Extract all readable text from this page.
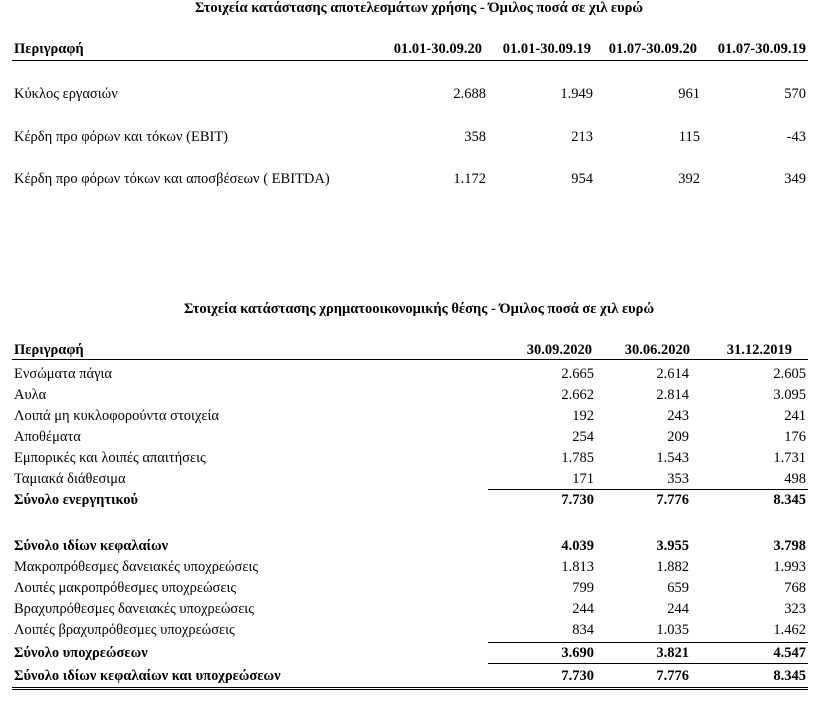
Στοιχεία κατάστασης αποτελεσμάτων χρήσης - Όμιλος ποσά σε χιλ ευρώ
Περιγραφή	01.01-30.09.20	01.01-30.09.19	01.07-30.09.20	01.07-30.09.19
Κύκλος εργασιών	2.688	1.949	961	570
Κέρδη προ φόρων και τόκων (EBIT)	358	213	115	-43
Κέρδη προ φόρων τόκων και αποσβέσεων ( EBITDA)	1.172	954	392	349
Στοιχεία κατάστασης χρηματοοικονομικής θέσης - Όμιλος ποσά σε χιλ ευρώ
Περιγραφή	30.09.2020	30.06.2020	31.12.2019
Ενσώματα πάγια	2.665	2.614	2.605
Αυλα	2.662	2.814	3.095
Λοιπά μη κυκλοφορούντα στοιχεία	192	243	241
Αποθέματα	254	209	176
Εμπορικές και λοιπές απαιτήσεις	1.785	1.543	1.731
Ταμιακά διάθεσιμα	171	353	498
Σύνολο ενεργητικού	7.730	7.776	8.345
Σύνολο ιδίων κεφαλαίων	4.039	3.955	3.798
Μακροπρόθεσμες δανειακές υποχρεώσεις	1.813	1.882	1.993
Λοιπές μακροπρόθεσμες υποχρεώσεις	799	659	768
Βραχυπρόθεσμες δανειακές υποχρεώσεις	244	244	323
Λοιπές βραχυπρόθεσμες υποχρεώσεις	834	1.035	1.462
Σύνολο υποχρεώσεων	3.690	3.821	4.547
Σύνολο ιδίων κεφαλαίων και υποχρεώσεων	7.730	7.776	8.345
